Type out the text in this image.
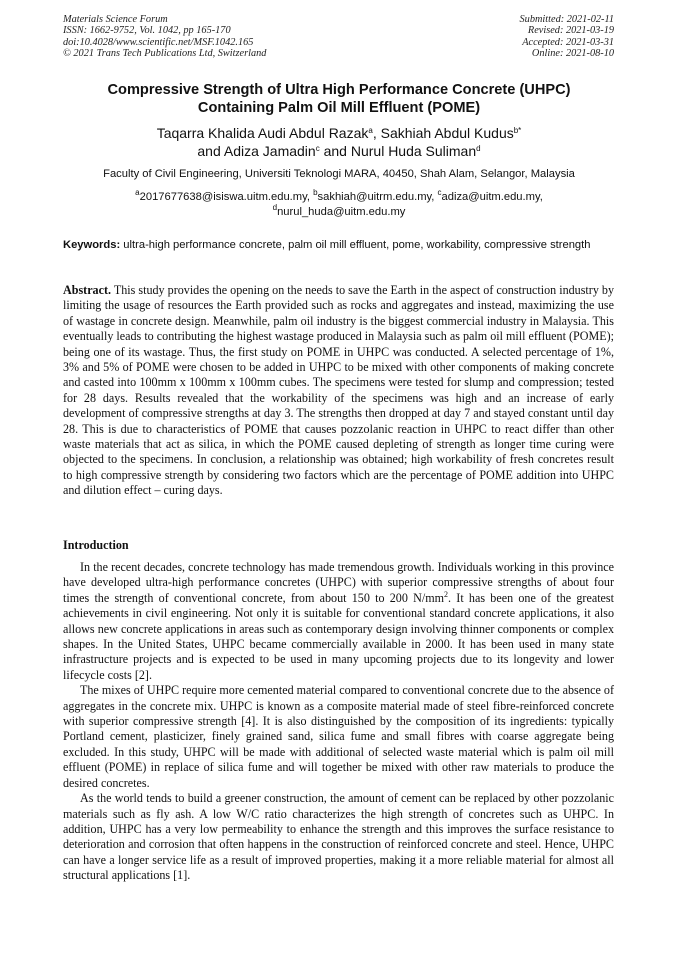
Materials Science Forum
ISSN: 1662-9752, Vol. 1042, pp 165-170
doi:10.4028/www.scientific.net/MSF.1042.165
© 2021 Trans Tech Publications Ltd, Switzerland
Submitted: 2021-02-11
Revised: 2021-03-19
Accepted: 2021-03-31
Online: 2021-08-10
Compressive Strength of Ultra High Performance Concrete (UHPC)
Containing Palm Oil Mill Effluent (POME)
Taqarra Khalida Audi Abdul Razak$^a$, Sakhiah Abdul Kudus$^{b*}$
and Adiza Jamadin$^c$ and Nurul Huda Suliman$^d$
Faculty of Civil Engineering, Universiti Teknologi MARA, 40450, Shah Alam, Selangor, Malaysia
$^a$2017677638@isiswa.uitm.edu.my, $^b$sakhiah@uitrm.edu.my, $^c$adiza@uitm.edu.my,
$^d$nurul_huda@uitm.edu.my
Keywords: ultra-high performance concrete, palm oil mill effluent, pome, workability, compressive strength
Abstract. This study provides the opening on the needs to save the Earth in the aspect of construction industry by limiting the usage of resources the Earth provided such as rocks and aggregates and instead, maximizing the use of wastage in concrete design. Meanwhile, palm oil industry is the biggest commercial industry in Malaysia. This eventually leads to contributing the highest wastage produced in Malaysia such as palm oil mill effluent (POME); being one of its wastage. Thus, the first study on POME in UHPC was conducted. A selected percentage of 1%, 3% and 5% of POME were chosen to be added in UHPC to be mixed with other components of making concrete and casted into 100mm x 100mm x 100mm cubes. The specimens were tested for slump and compression; tested for 28 days. Results revealed that the workability of the specimens was high and an increase of early development of compressive strengths at day 3. The strengths then dropped at day 7 and stayed constant until day 28. This is due to characteristics of POME that causes pozzolanic reaction in UHPC to react differ than other waste materials that act as silica, in which the POME caused depleting of strength as longer time curing were objected to the specimens. In conclusion, a relationship was obtained; high workability of fresh concretes result to high compressive strength by considering two factors which are the percentage of POME addition into UHPC and dilution effect – curing days.
Introduction

In the recent decades, concrete technology has made tremendous growth. Individuals working in this province have developed ultra-high performance concretes (UHPC) with superior compressive strengths of about four times the strength of conventional concrete, from about 150 to 200 $N/mm^2$. It has been one of the greatest achievements in civil engineering. Not only it is suitable for conventional standard concrete applications, it also allows new concrete applications in areas such as contemporary design involving thinner components or complex shapes. In the United States, UHPC became commercially available in 2000. It has been used in many state infrastructure projects and is expected to be used in many upcoming projects due to its longevity and lower lifecycle costs [2].

The mixes of UHPC require more cemented material compared to conventional concrete due to the absence of aggregates in the concrete mix. UHPC is known as a composite material made of steel fibre-reinforced concrete with superior compressive strength [4]. It is also distinguished by the composition of its ingredients: typically Portland cement, plasticizer, finely grained sand, silica fume and small fibres with coarse aggregate being excluded. In this study, UHPC will be made with additional of selected waste material which is palm oil mill effluent (POME) in replace of silica fume and will together be mixed with other raw materials to produce the desired concretes.

As the world tends to build a greener construction, the amount of cement can be replaced by other pozzolanic materials such as fly ash. A low W/C ratio characterizes the high strength of concretes such as UHPC. In addition, UHPC has a very low permeability to enhance the strength and this improves the surface resistance to deterioration and corrosion that often happens in the construction of reinforced concrete and steel. Hence, UHPC can have a longer service life as a result of improved properties, making it a more reliable material for almost all structural applications [1].
